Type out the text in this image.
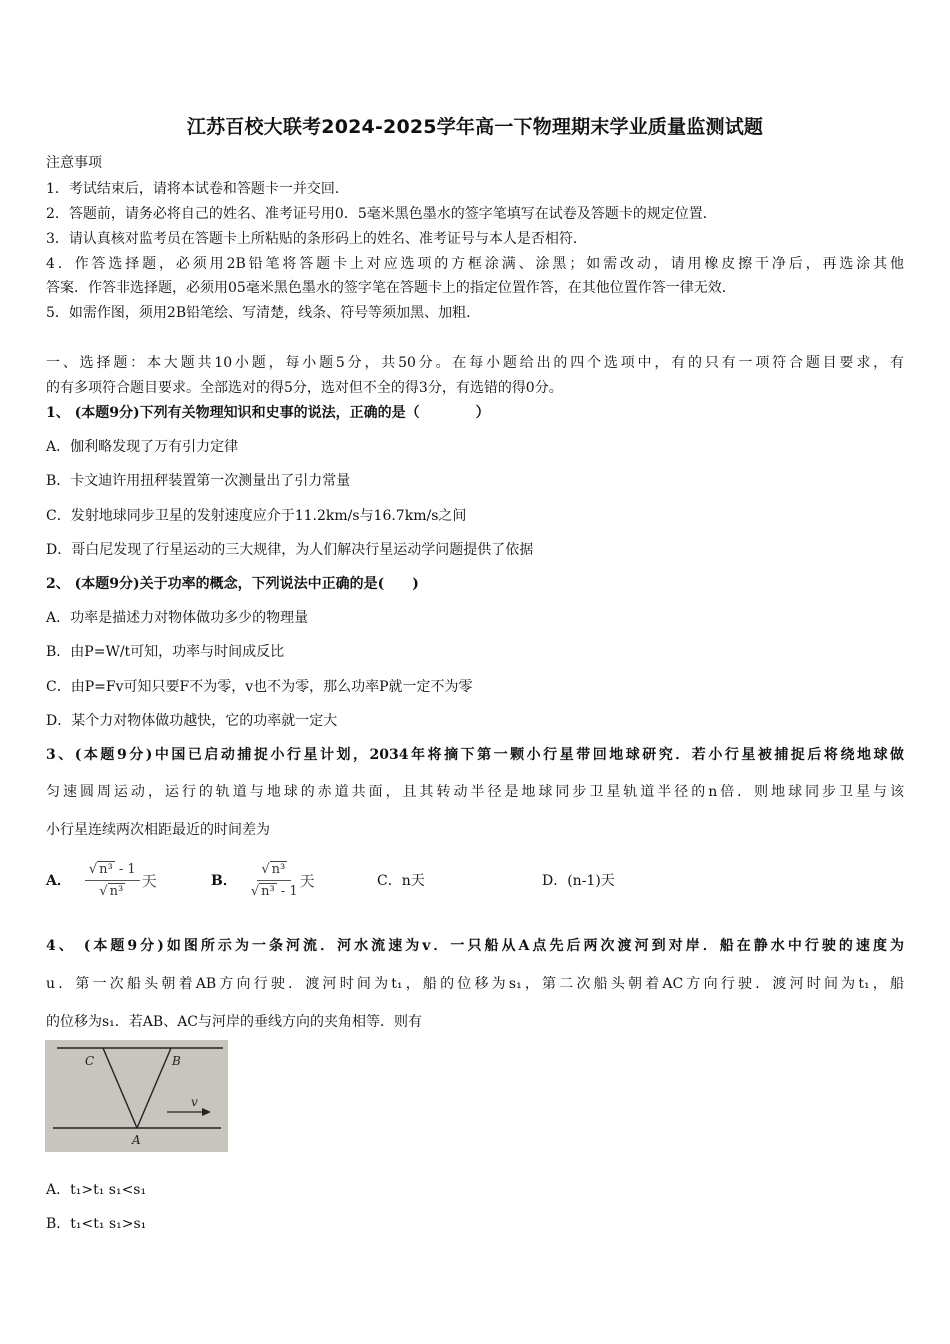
江苏百校大联考2024-2025学年高一下物理期末学业质量监测试题
注意事项
1．考试结束后，请将本试卷和答题卡一并交回．
2．答题前，请务必将自己的姓名、准考证号用0．5毫米黑色墨水的签字笔填写在试卷及答题卡的规定位置．
3．请认真核对监考员在答题卡上所粘贴的条形码上的姓名、准考证号与本人是否相符．
4．作答选择题，必须用2B铅笔将答题卡上对应选项的方框涂满、涂黑；如需改动，请用橡皮擦干净后，再选涂其他
答案．作答非选择题，必须用05毫米黑色墨水的签字笔在答题卡上的指定位置作答，在其他位置作答一律无效．
5．如需作图，须用2B铅笔绘、写清楚，线条、符号等须加黑、加粗．
一、选择题：本大题共10小题，每小题5分，共50分。在每小题给出的四个选项中，有的只有一项符合题目要求，有
的有多项符合题目要求。全部选对的得5分，选对但不全的得3分，有选错的得0分。
1、 (本题9分)下列有关物理知识和史事的说法，正确的是（　　　　）
A．伽利略发现了万有引力定律
B．卡文迪许用扭秤装置第一次测量出了引力常量
C．发射地球同步卫星的发射速度应介于11.2km/s与16.7km/s之间
D．哥白尼发现了行星运动的三大规律，为人们解决行星运动学问题提供了依据
2、 (本题9分)关于功率的概念，下列说法中正确的是(　　)
A．功率是描述力对物体做功多少的物理量
B．由P=W/t可知，功率与时间成反比
C．由P=Fv可知只要F不为零，v也不为零，那么功率P就一定不为零
D．某个力对物体做功越快，它的功率就一定大
3、(本题9分)中国已启动捕捉小行星计划，2034年将摘下第一颗小行星带回地球研究．若小行星被捕捉后将绕地球做
匀速圆周运动，运行的轨道与地球的赤道共面，且其转动半径是地球同步卫星轨道半径的n倍．则地球同步卫星与该
小行星连续两次相距最近的时间差为
A． $\frac{\text{√ n³ - 1}}{\text{√ n³}}$ 天	B． $\frac{\text{√ n³}}{\text{√ n³ - 1}}$ 天	C．n天	D．(n-1)天
4、 (本题9分)如图所示为一条河流．河水流速为v．一只船从A点先后两次渡河到对岸．船在静水中行驶的速度为
u．第一次船头朝着AB方向行驶．渡河时间为t₁，船的位移为s₁，第二次船头朝着AC方向行驶．渡河时间为t₁，船
的位移为s₁．若AB、AC与河岸的垂线方向的夹角相等．则有
C	B
A
v
A．t₁>t₁ s₁<s₁
B．t₁<t₁ s₁>s₁
